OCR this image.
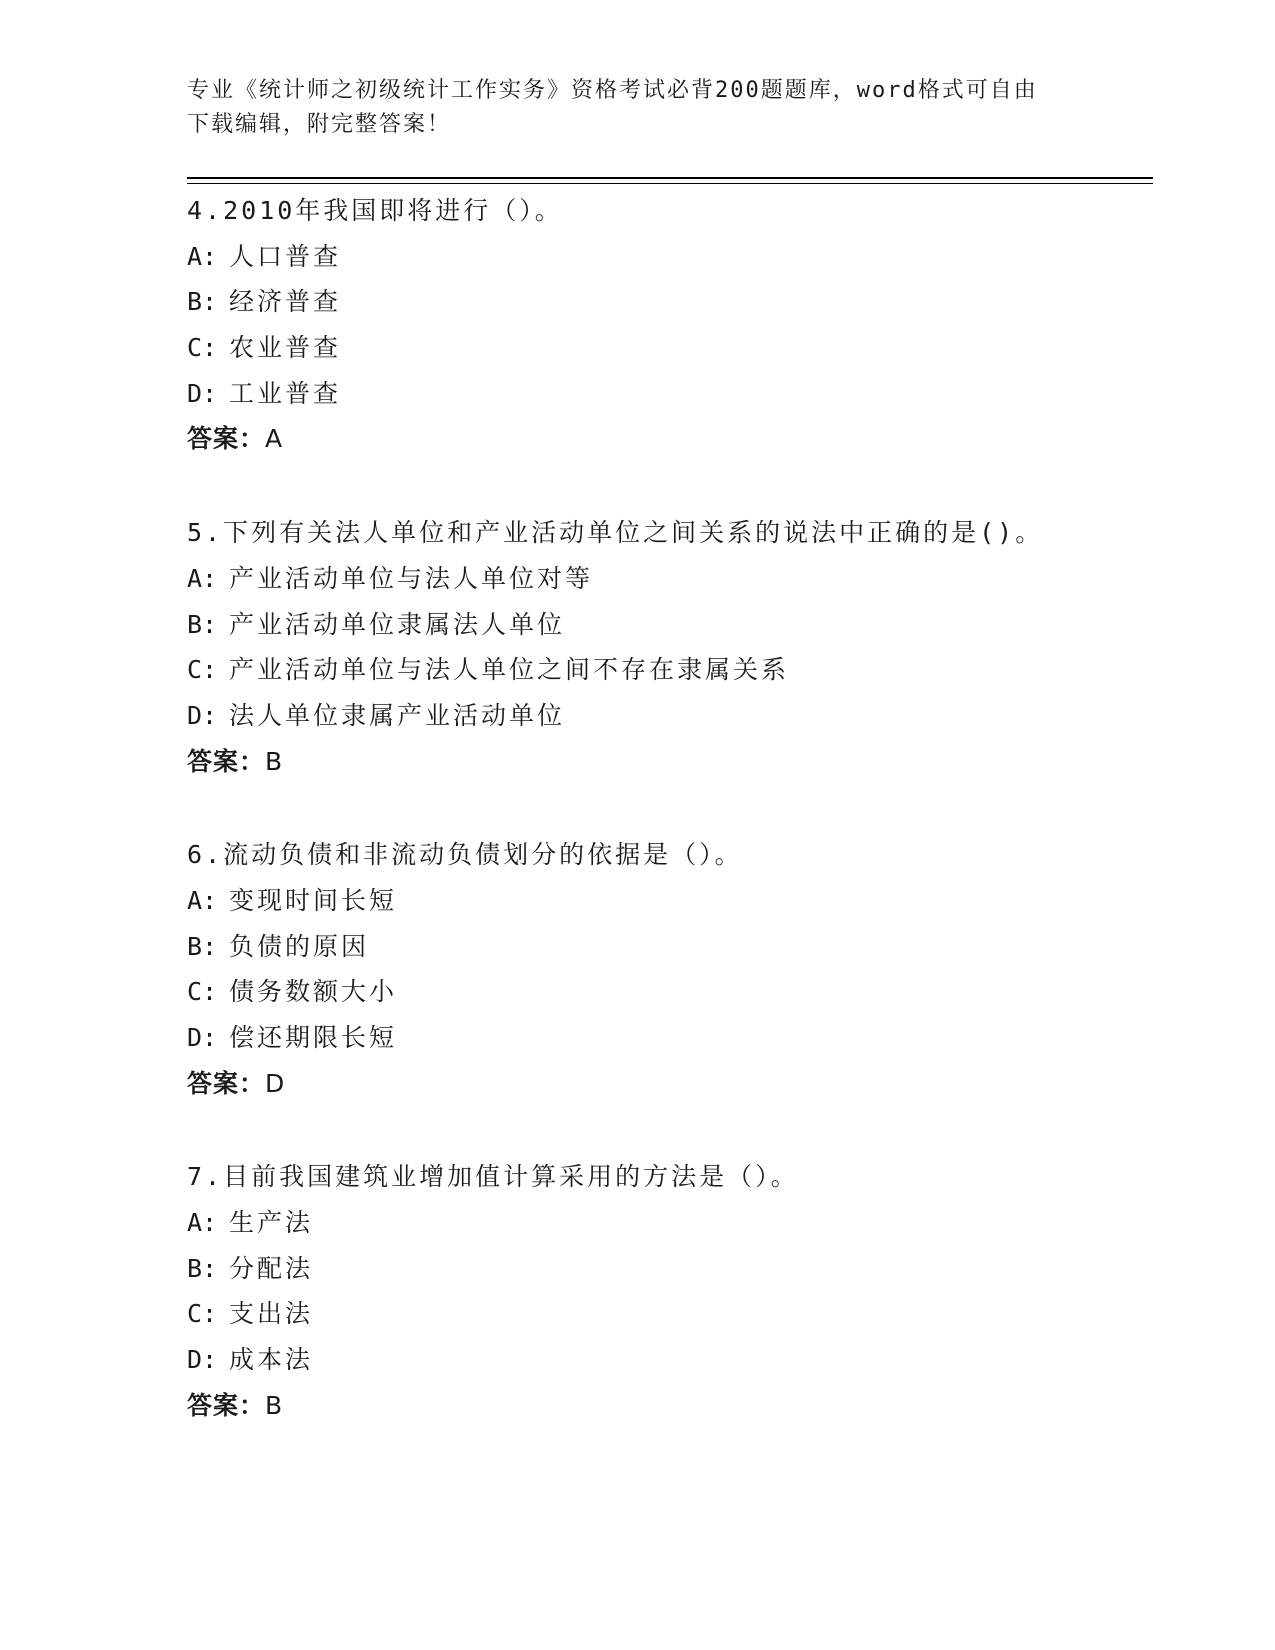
专业《统计师之初级统计工作实务》资格考试必背200题题库，word格式可自由
下载编辑，附完整答案！
4.2010年我国即将进行（）。
A: 人口普查
B: 经济普查
C: 农业普查
D: 工业普查
答案：A
5.下列有关法人单位和产业活动单位之间关系的说法中正确的是()。
A: 产业活动单位与法人单位对等
B: 产业活动单位隶属法人单位
C: 产业活动单位与法人单位之间不存在隶属关系
D: 法人单位隶属产业活动单位
答案：B
6.流动负债和非流动负债划分的依据是（）。
A: 变现时间长短
B: 负债的原因
C: 债务数额大小
D: 偿还期限长短
答案：D
7.目前我国建筑业增加值计算采用的方法是（）。
A: 生产法
B: 分配法
C: 支出法
D: 成本法
答案：B
